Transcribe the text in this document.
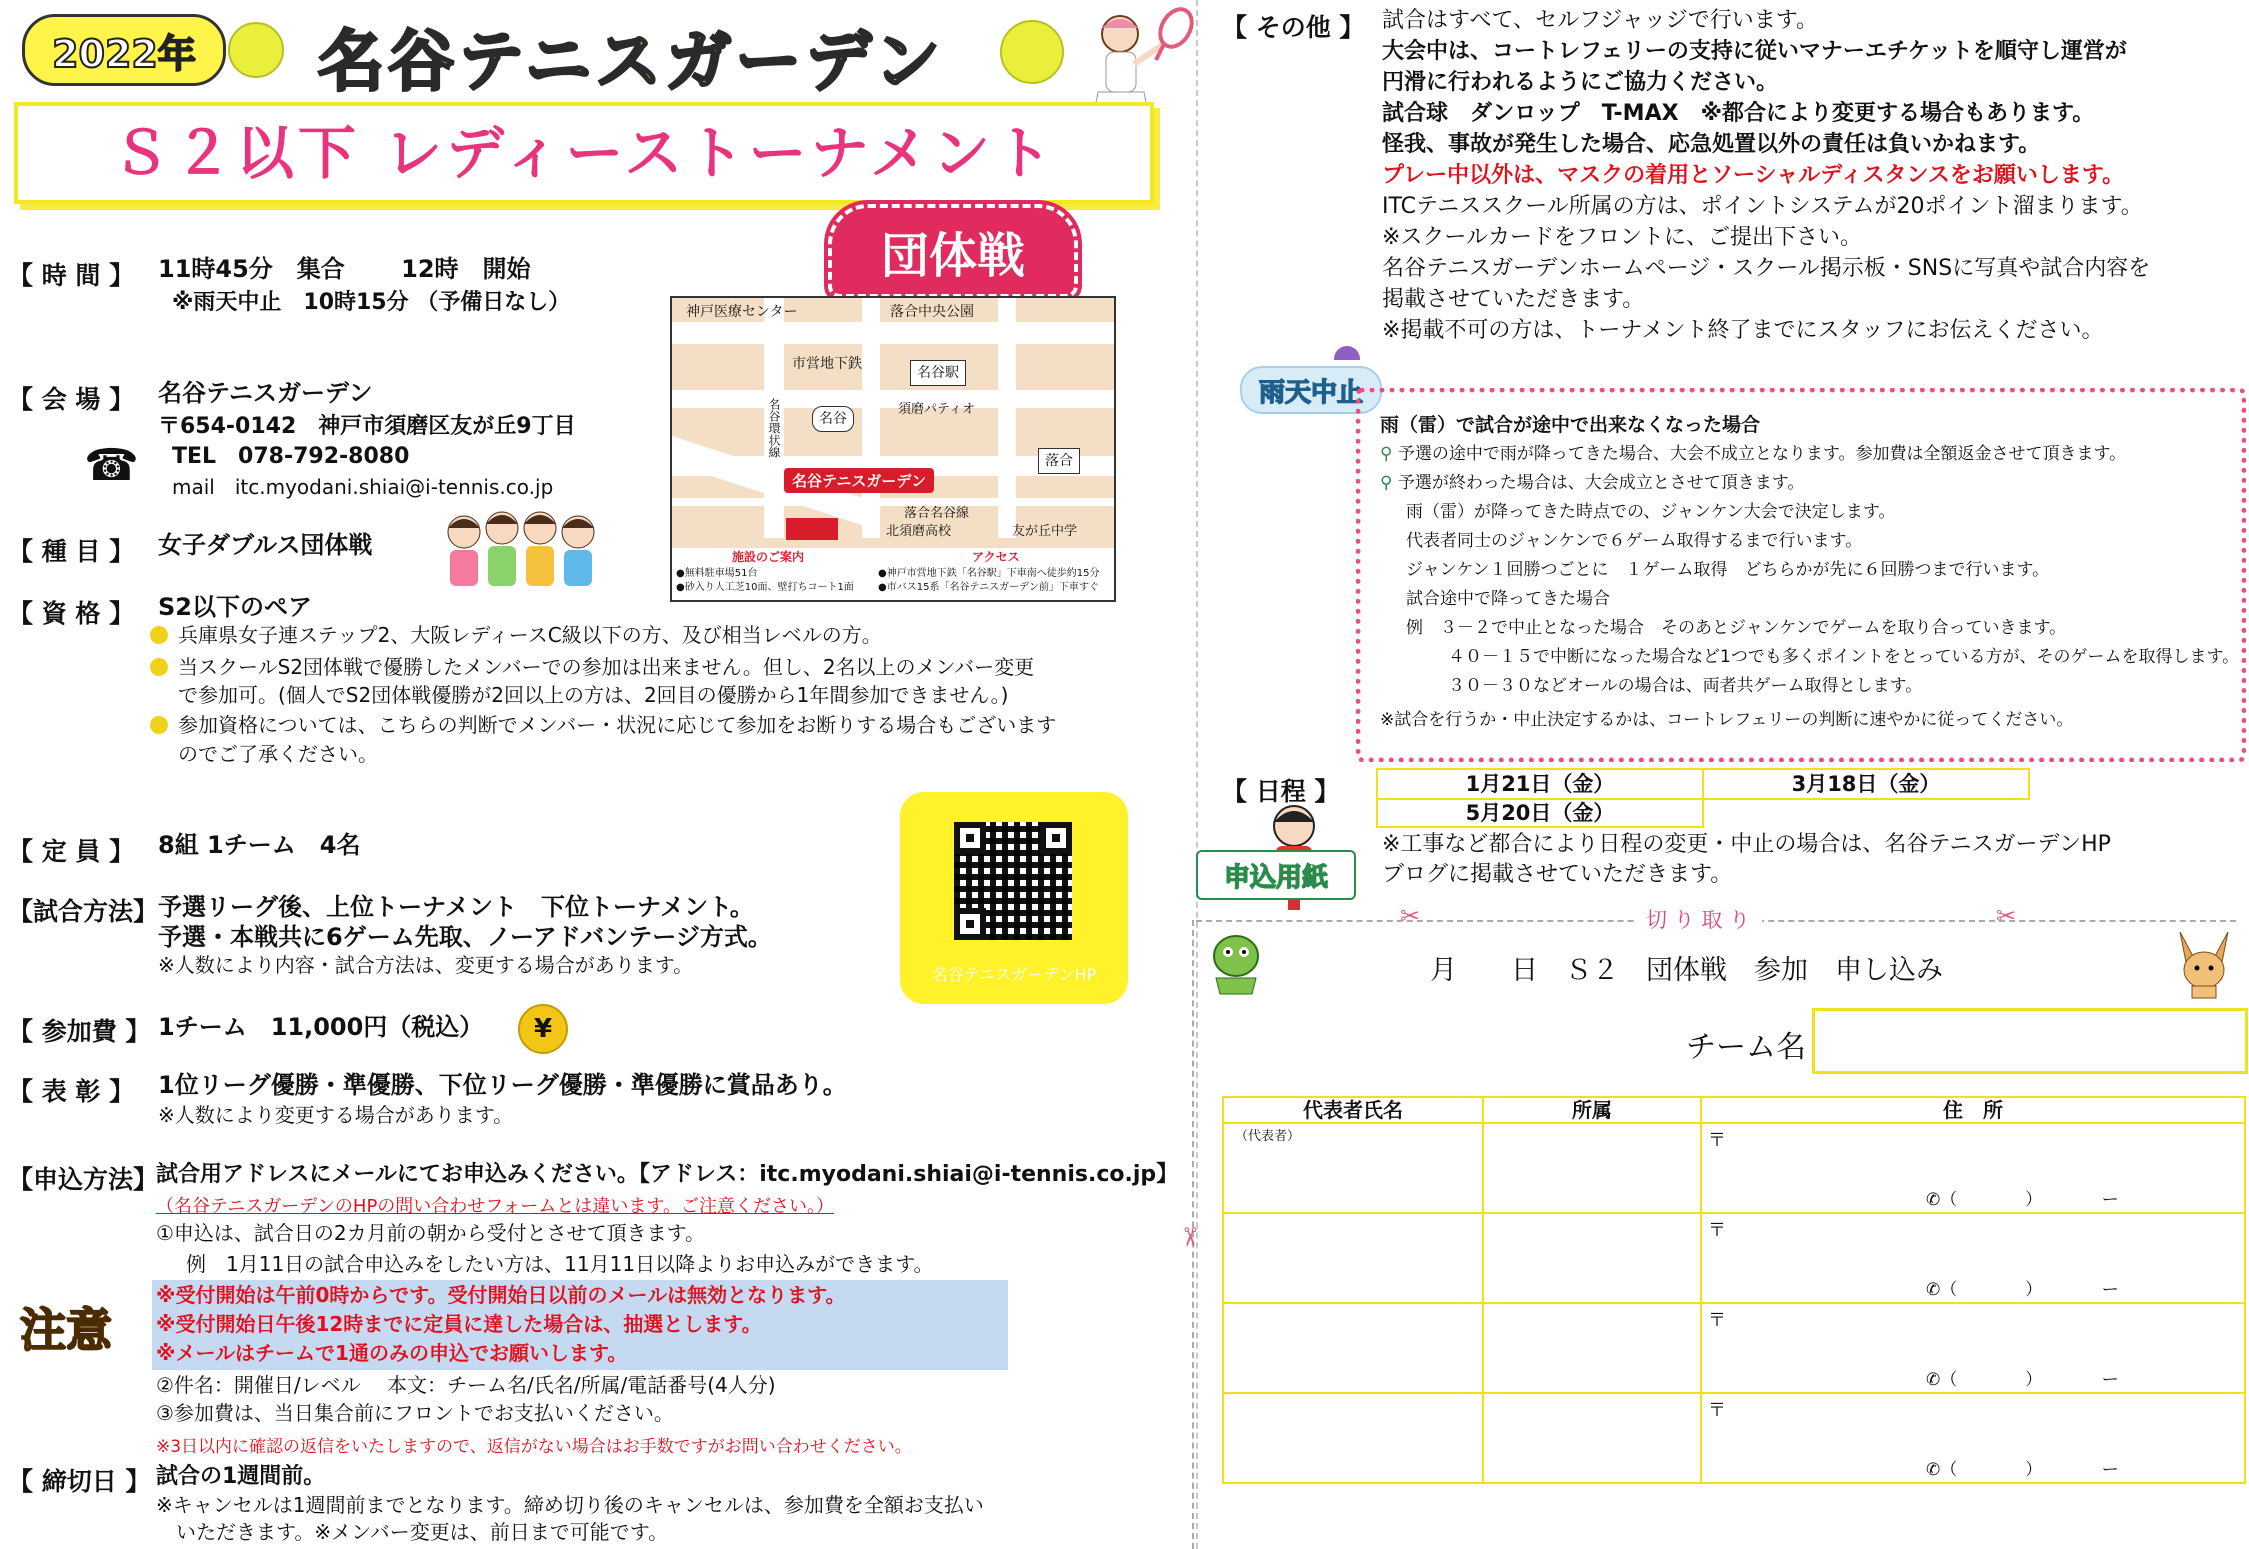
2022年 名谷テニスガーデン
Ｓ２以下 レディーストーナメント
団体戦
【 時 間 】 11時45分　集合　　 12時　開始
※雨天中止　10時15分 （予備日なし）
【 会 場 】 名谷テニスガーデン
〒654-0142　神戸市須磨区友が丘9丁目
TEL　078-792-8080
mail　itc.myodani.shiai@i-tennis.co.jp
☎
【 種 目 】 女子ダブルス団体戦
【 資 格 】 S2以下のペア
兵庫県女子連ステップ2、大阪レディースC級以下の方、及び相当レベルの方。
当スクールS2団体戦で優勝したメンバーでの参加は出来ません。但し、2名以上のメンバー変更
で参加可。(個人でS2団体戦優勝が2回以上の方は、2回目の優勝から1年間参加できません。)
参加資格については、こちらの判断でメンバー・状況に応じて参加をお断りする場合もございます
のでご了承ください。
【 定 員 】 8組 1チーム　4名
【試合方法】 予選リーグ後、上位トーナメント　下位トーナメント。
予選・本戦共に6ゲーム先取、ノーアドバンテージ方式。
※人数により内容・試合方法は、変更する場合があります。
【 参加費 】 1チーム　11,000円（税込） ¥
【 表 彰 】 1位リーグ優勝・準優勝、下位リーグ優勝・準優勝に賞品あり。
※人数により変更する場合があります。
名谷テニスガーデンHP
神戸医療センター	落合中央公園
市営地下鉄
名谷駅
名谷
須磨パティオ
名谷環状線
落合
名谷テニスガーデン
落合名谷線
北須磨高校	友が丘中学
施設のご案内
●無料駐車場51台
●砂入り人工芝10面、壁打ちコート1面
アクセス
●神戸市営地下鉄「名谷駅」下車南へ徒歩約15分
●市バス15系「名谷テニスガーデン前」下車すぐ
【申込方法】
試合用アドレスにメールにてお申込みください。【アドレス：itc.myodani.shiai@i-tennis.co.jp】
（名谷テニスガーデンのHPの問い合わせフォームとは違います。ご注意ください。）
①申込は、試合日の2カ月前の朝から受付とさせて頂きます。
例　1月11日の試合申込みをしたい方は、11月11日以降よりお申込みができます。
※受付開始は午前0時からです。受付開始日以前のメールは無効となります。
※受付開始日午後12時までに定員に達した場合は、抽選とします。
※メールはチームで1通のみの申込でお願いします。
②件名：開催日/レベル　 本文：チーム名/氏名/所属/電話番号(4人分)
③参加費は、当日集合前にフロントでお支払いください。
※3日以内に確認の返信をいたしますので、返信がない場合はお手数ですがお問い合わせください。
注意
【 締切日 】 試合の1週間前。
※キャンセルは1週間前までとなります。締め切り後のキャンセルは、参加費を全額お支払い
いただきます。※メンバー変更は、前日まで可能です。
【 その他 】 試合はすべて、セルフジャッジで行います。
大会中は、コートレフェリーの支持に従いマナーエチケットを順守し運営が
円滑に行われるようにご協力ください。
試合球　ダンロップ　T-MAX　※都合により変更する場合もあります。
怪我、事故が発生した場合、応急処置以外の責任は負いかねます。
プレー中以外は、マスクの着用とソーシャルディスタンスをお願いします。
ITCテニススクール所属の方は、ポイントシステムが20ポイント溜まります。
※スクールカードをフロントに、ご提出下さい。
名谷テニスガーデンホームページ・スクール掲示板・SNSに写真や試合内容を
掲載させていただきます。
※掲載不可の方は、トーナメント終了までにスタッフにお伝えください。
雨天中止
雨（雷）で試合が途中で出来なくなった場合
⚲ 予選の途中で雨が降ってきた場合、大会不成立となります。参加費は全額返金させて頂きます。
⚲ 予選が終わった場合は、大会成立とさせて頂きます。
雨（雷）が降ってきた時点での、ジャンケン大会で決定します。
代表者同士のジャンケンで６ゲーム取得するまで行います。
ジャンケン１回勝つごとに　１ゲーム取得　どちらかが先に６回勝つまで行います。
試合途中で降ってきた場合
例　３－２で中止となった場合　そのあとジャンケンでゲームを取り合っていきます。
４０－１５で中断になった場合など1つでも多くポイントをとっている方が、そのゲームを取得します。
３０－３０などオールの場合は、両者共ゲーム取得とします。
※試合を行うか・中止決定するかは、コートレフェリーの判断に速やかに従ってください。
【 日程 】	1月21日（金）	3月18日（金）
5月20日（金）
※工事など都合により日程の変更・中止の場合は、名谷テニスガーデンHP
ブログに掲載させていただきます。
申込用紙
✂	切 り 取 り	✂
✂
月　　日　Ｓ２　団体戦　参加　申し込み
チーム名
代表者氏名	所属	住　所
（代表者）		〒
✆（　　　　）　　　　ー

		〒
✆（　　　　）　　　　ー

		〒
✆（　　　　）　　　　ー

		〒
✆（　　　　）　　　　ー
